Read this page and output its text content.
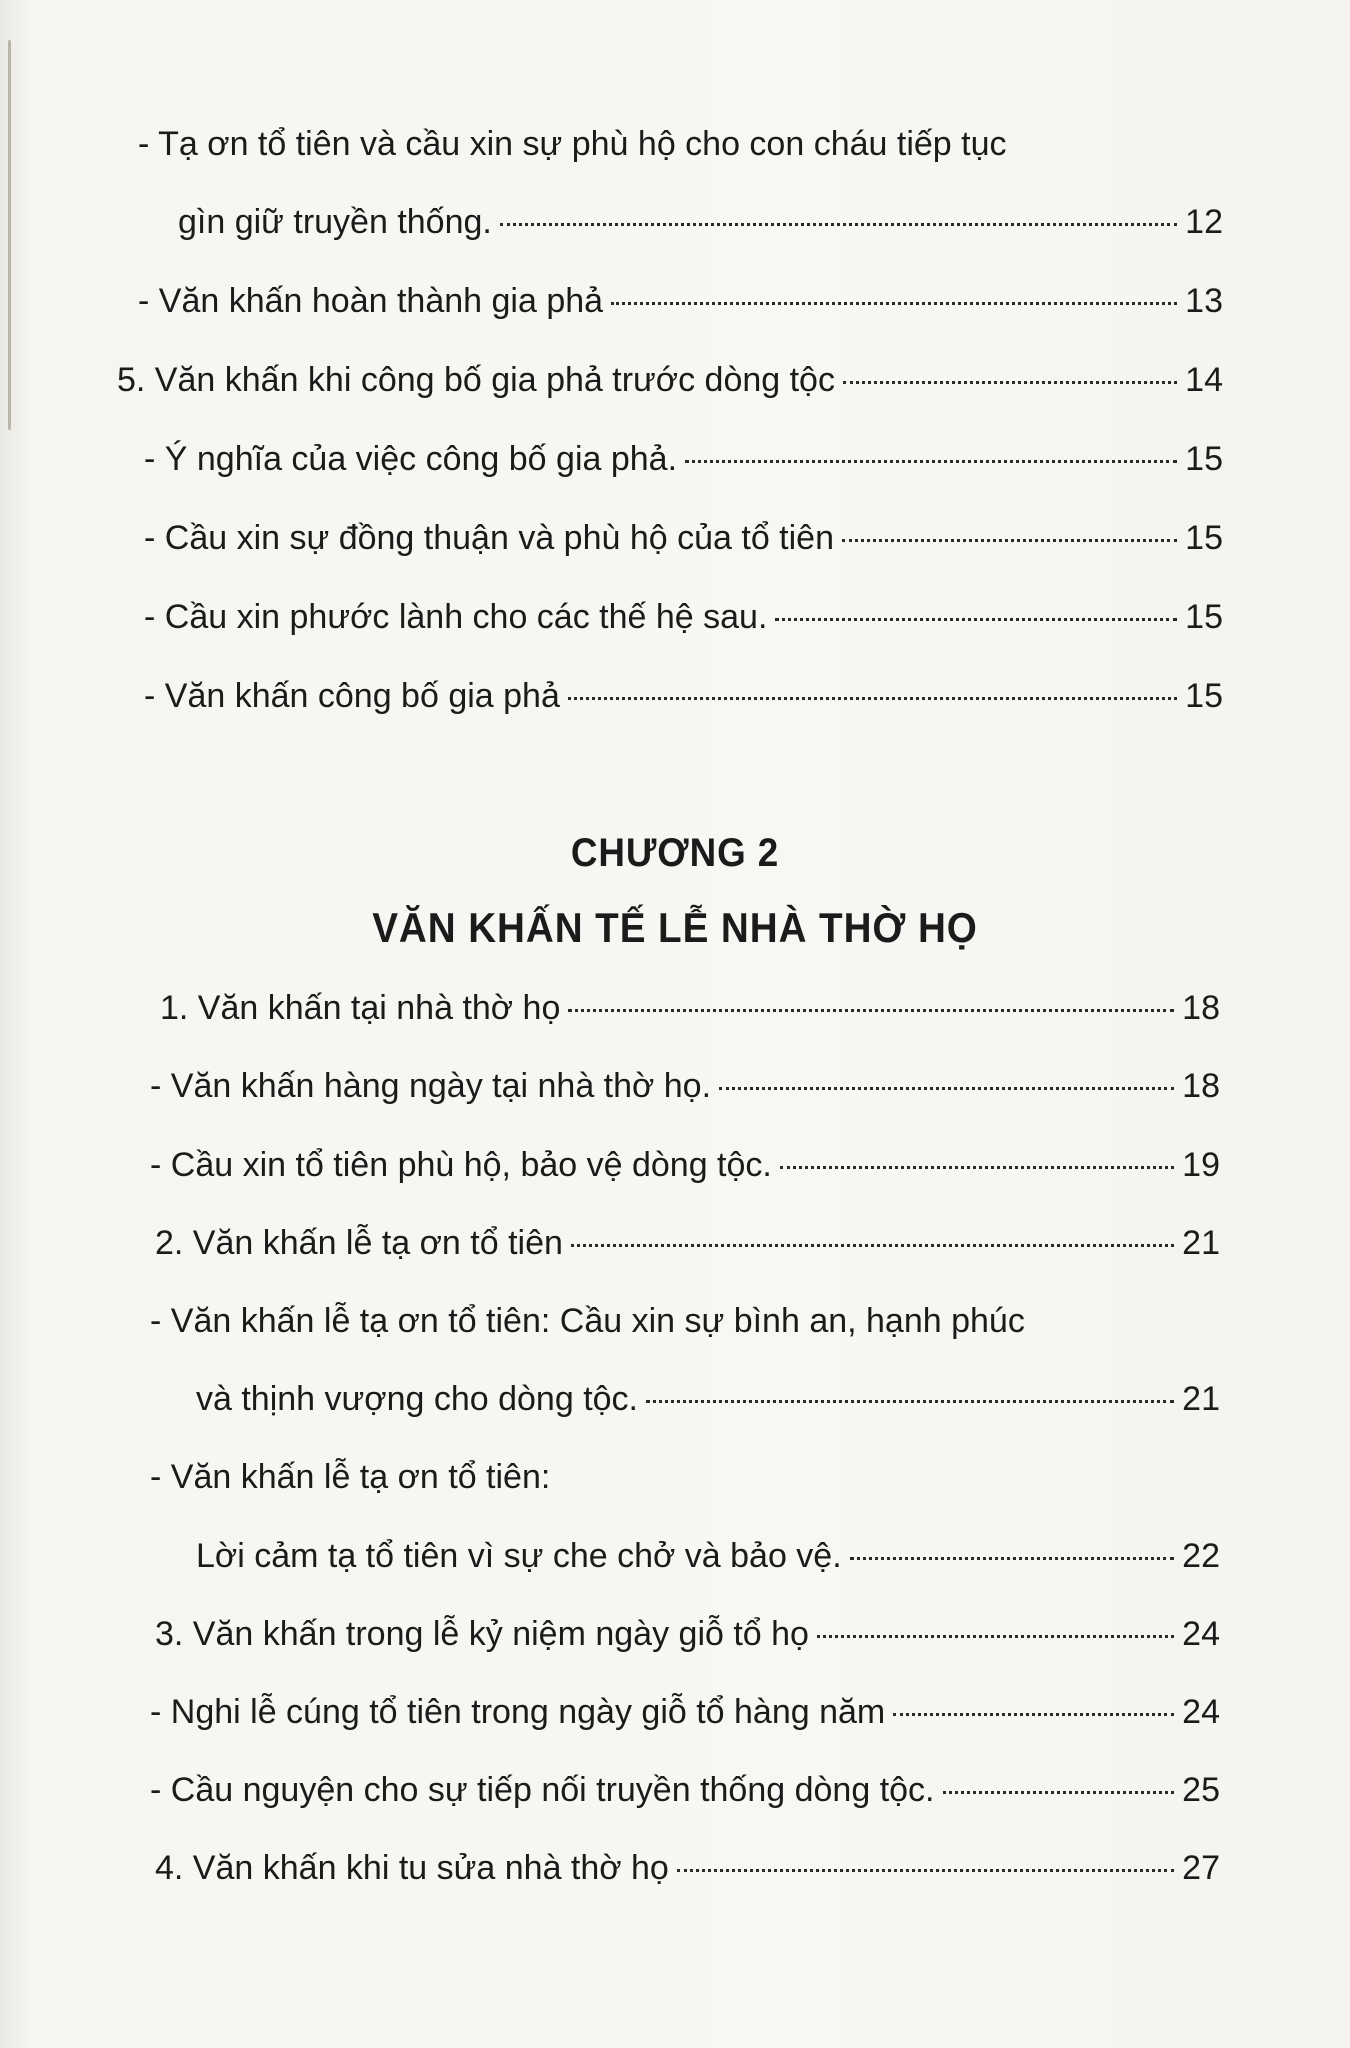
- Tạ ơn tổ tiên và cầu xin sự phù hộ cho con cháu tiếp tục
gìn giữ truyền thống.	12
- Văn khấn hoàn thành gia phả	13
5. Văn khấn khi công bố gia phả trước dòng tộc	14
- Ý nghĩa của việc công bố gia phả.	15
- Cầu xin sự đồng thuận và phù hộ của tổ tiên	15
- Cầu xin phước lành cho các thế hệ sau.	15
- Văn khấn công bố gia phả	15
CHƯƠNG 2
VĂN KHẤN TẾ LỄ NHÀ THỜ HỌ
1. Văn khấn tại nhà thờ họ	18
- Văn khấn hàng ngày tại nhà thờ họ.	18
- Cầu xin tổ tiên phù hộ, bảo vệ dòng tộc.	19
2. Văn khấn lễ tạ ơn tổ tiên	21
- Văn khấn lễ tạ ơn tổ tiên: Cầu xin sự bình an, hạnh phúc
và thịnh vượng cho dòng tộc.	21
- Văn khấn lễ tạ ơn tổ tiên:
Lời cảm tạ tổ tiên vì sự che chở và bảo vệ.	22
3. Văn khấn trong lễ kỷ niệm ngày giỗ tổ họ	24
- Nghi lễ cúng tổ tiên trong ngày giỗ tổ hàng năm	24
- Cầu nguyện cho sự tiếp nối truyền thống dòng tộc.	25
4. Văn khấn khi tu sửa nhà thờ họ	27
